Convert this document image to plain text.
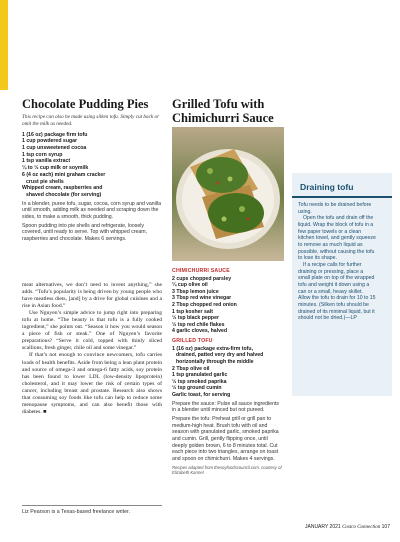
Chocolate Pudding Pies

This recipe can also be made using silken tofu. Simply cut back or omit the milk as needed.

1 (16 oz) package firm tofu
1 cup powdered sugar
1 cup unsweetened cocoa
1 tsp corn syrup
1 tsp vanilla extract
¼ to ½ cup milk or soymilk
6 (4 oz each) mini graham cracker
crust pie shells
Whipped cream, raspberries and
shaved chocolate (for serving)

In a blender, puree tofu, sugar, cocoa, corn syrup and vanilla until smooth, adding milk as needed and scraping down the sides, to make a smooth, thick pudding.

Spoon pudding into pie shells and refrigerate, loosely covered, until ready to serve. Top with whipped cream, raspberries and chocolate. Makes 6 servings.

meat alternatives, we don’t need to invent anything,” she adds. “Tofu’s popularity is being driven by young people who have meatless diets, [and] by a drive for global cuisines and a rise in Asian food.”

Use Nguyen’s simple advice to jump right into preparing tofu at home. “The beauty is that tofu is a fully cooked ingredient,” she points out. “Season it how you would season a piece of fish or steak.” One of Nguyen’s favorite preparations? “Serve it cold, topped with thinly sliced scallions, fresh ginger, chile oil and some vinegar.”

If that’s not enough to convince newcomers, tofu carries loads of health benefits. Aside from being a lean plant protein and source of omega-3 and omega-6 fatty acids, soy protein has been found to lower LDL (low-density lipoprotein) cholesterol, and it may lower the risk of certain types of cancer, including breast and prostate. Research also shows that consuming soy foods like tofu can help to reduce some menopause symptoms, and can also benefit those with diabetes. ■

Liz Pearson is a Texas-based freelance writer.
Grilled Tofu with Chimichurri Sauce

CHIMICHURRI SAUCE

2 cups chopped parsley
¼ cup olive oil
3 Tbsp lemon juice
3 Tbsp red wine vinegar
2 Tbsp chopped red onion
1 tsp kosher salt
½ tsp black pepper
½ tsp red chile flakes
4 garlic cloves, halved

GRILLED TOFU

1 (16 oz) package extra-firm tofu,
drained, patted very dry and halved
horizontally through the middle
2 Tbsp olive oil
1 tsp granulated garlic
½ tsp smoked paprika
½ tsp ground cumin
Garlic toast, for serving

Prepare the sauce: Pulse all sauce ingredients in a blender until minced but not pureed.

Prepare the tofu: Preheat grill or grill pan to medium-high heat. Brush tofu with oil and season with granulated garlic, smoked paprika and cumin. Grill, gently flipping once, until deeply golden brown, 6 to 8 minutes total. Cut each piece into two triangles, arrange on toast and spoon on chimichurri. Makes 4 servings.

Recipes adapted from thesoyfoodscouncil.com, courtesy of Elizabeth Karmel

Draining tofu

Tofu needs to be drained before using.

Open the tofu and drain off the liquid. Wrap the block of tofu in a few paper towels or a clean kitchen towel, and gently squeeze to remove as much liquid as possible, without causing the tofu to lose its shape.

If a recipe calls for further draining or pressing, place a small plate on top of the wrapped tofu and weight it down using a can or a small, heavy skillet. Allow the tofu to drain for 10 to 15 minutes. (Silken tofu should be drained of its minimal liquid, but it should not be dried.)—LP

JANUARY 2021 Costco Connection 107
